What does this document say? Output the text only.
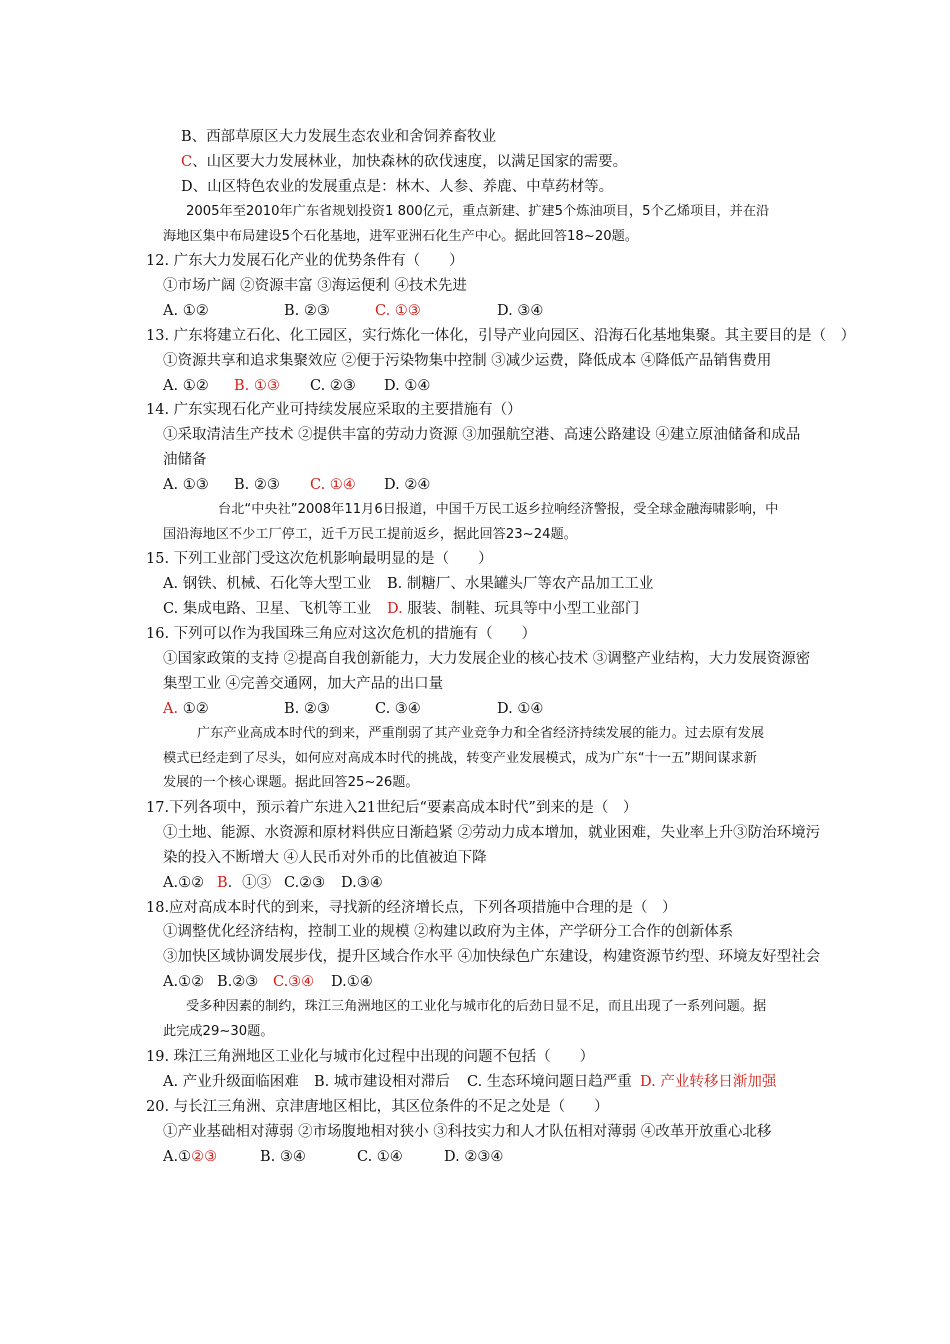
B、西部草原区大力发展生态农业和舍饲养畜牧业
C、山区要大力发展林业，加快森林的砍伐速度，以满足国家的需要。
D、山区特色农业的发展重点是：林木、人参、养鹿、中草药材等。
2005年至2010年广东省规划投资1 800亿元，重点新建、扩建5个炼油项目，5个乙烯项目，并在沿
海地区集中布局建设5个石化基地，进军亚洲石化生产中心。据此回答18~20题。
12. 广东大力发展石化产业的优势条件有（　　）
①市场广阔 ②资源丰富 ③海运便利 ④技术先进
A. ①②	B. ②③	C. ①③	D. ③④
13. 广东将建立石化、化工园区，实行炼化一体化，引导产业向园区、沿海石化基地集聚。其主要目的是（　）
①资源共享和追求集聚效应 ②便于污染物集中控制 ③减少运费，降低成本 ④降低产品销售费用
A. ①② B. ①③ C. ②③ D. ①④
14. 广东实现石化产业可持续发展应采取的主要措施有（）
①采取清洁生产技术 ②提供丰富的劳动力资源 ③加强航空港、高速公路建设 ④建立原油储备和成品
油储备
A. ①③ B. ②③ C. ①④ D. ②④
台北“中央社”2008年11月6日报道，中国千万民工返乡拉响经济警报，受全球金融海啸影响，中
国沿海地区不少工厂停工，近千万民工提前返乡，据此回答23~24题。
15. 下列工业部门受这次危机影响最明显的是（　　）
A. 钢铁、机械、石化等大型工业 B. 制糖厂、水果罐头厂等农产品加工工业
C. 集成电路、卫星、飞机等工业 D. 服装、制鞋、玩具等中小型工业部门
16. 下列可以作为我国珠三角应对这次危机的措施有（　　）
①国家政策的支持 ②提高自我创新能力，大力发展企业的核心技术 ③调整产业结构，大力发展资源密
集型工业 ④完善交通网，加大产品的出口量
A. ①②	B. ②③	C. ③④	D. ①④
广东产业高成本时代的到来，严重削弱了其产业竞争力和全省经济持续发展的能力。过去原有发展
模式已经走到了尽头，如何应对高成本时代的挑战，转变产业发展模式，成为广东“十一五”期间谋求新
发展的一个核心课题。据此回答25~26题。
17.下列各项中，预示着广东进入21世纪后“要素高成本时代”到来的是（　）
①土地、能源、水资源和原材料供应日渐趋紧 ②劳动力成本增加，就业困难，失业率上升③防治环境污
染的投入不断增大 ④人民币对外币的比值被迫下降
A.①② B．①③ C.②③ D.③④
18.应对高成本时代的到来，寻找新的经济增长点，下列各项措施中合理的是（　）
①调整优化经济结构，控制工业的规模 ②构建以政府为主体，产学研分工合作的创新体系
③加快区域协调发展步伐，提升区域合作水平 ④加快绿色广东建设，构建资源节约型、环境友好型社会
A.①② B.②③ C.③④ D.①④
受多种因素的制约，珠江三角洲地区的工业化与城市化的后劲日显不足，而且出现了一系列问题。据
此完成29~30题。
19. 珠江三角洲地区工业化与城市化过程中出现的问题不包括（　　）
A. 产业升级面临困难 B. 城市建设相对滞后 C. 生态环境问题日趋严重 D. 产业转移日渐加强
20. 与长江三角洲、京津唐地区相比，其区位条件的不足之处是（　　）
①产业基础相对薄弱 ②市场腹地相对狭小 ③科技实力和人才队伍相对薄弱 ④改革开放重心北移
A.①②③	B. ③④	C. ①④	D. ②③④
